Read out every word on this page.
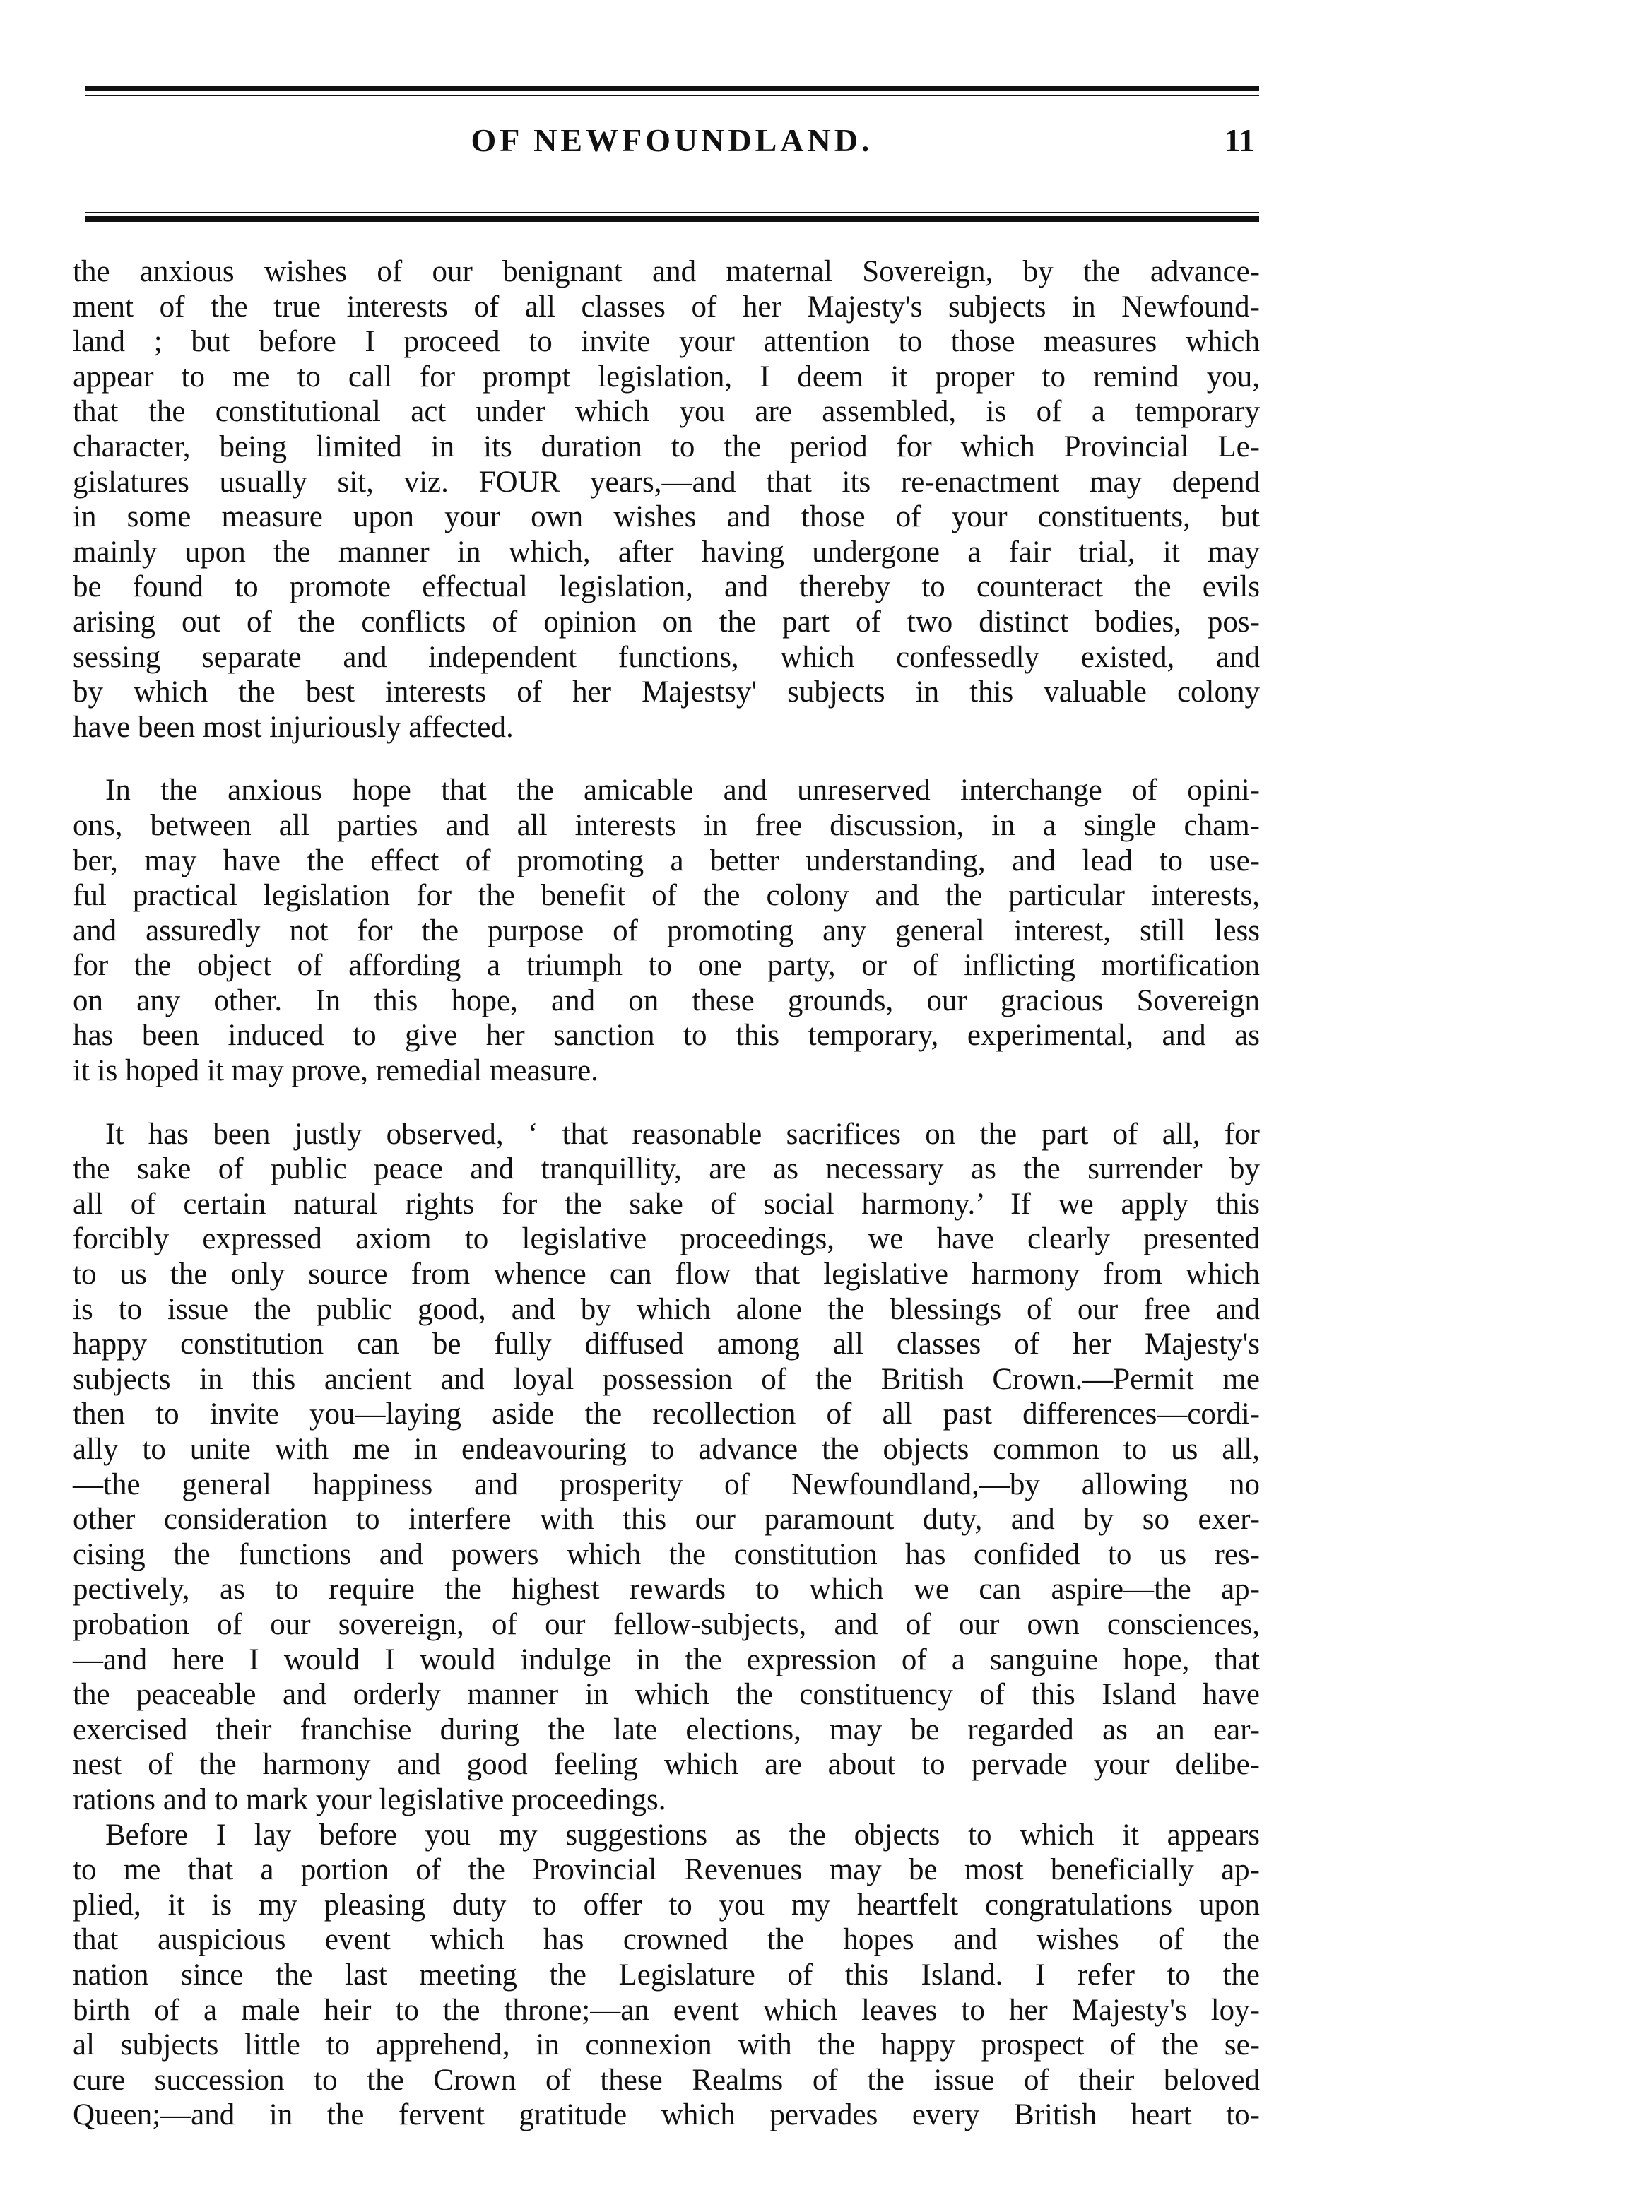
OF NEWFOUNDLAND.	11
the anxious wishes of our benignant and maternal Sovereign, by the advance-
ment of the true interests of all classes of her Majesty's subjects in Newfound-
land ; but before I proceed to invite your attention to those measures which
appear to me to call for prompt legislation, I deem it proper to remind you,
that the constitutional act under which you are assembled, is of a temporary
character, being limited in its duration to the period for which Provincial Le-
gislatures usually sit, viz. FOUR years,—and that its re-enactment may depend
in some measure upon your own wishes and those of your constituents, but
mainly upon the manner in which, after having undergone a fair trial, it may
be found to promote effectual legislation, and thereby to counteract the evils
arising out of the conflicts of opinion on the part of two distinct bodies, pos-
sessing separate and independent functions, which confessedly existed, and
by which the best interests of her Majestsy' subjects in this valuable colony
have been most injuriously affected.
In the anxious hope that the amicable and unreserved interchange of opini-
ons, between all parties and all interests in free discussion, in a single cham-
ber, may have the effect of promoting a better understanding, and lead to use-
ful practical legislation for the benefit of the colony and the particular interests,
and assuredly not for the purpose of promoting any general interest, still less
for the object of affording a triumph to one party, or of inflicting mortification
on any other. In this hope, and on these grounds, our gracious Sovereign
has been induced to give her sanction to this temporary, experimental, and as
it is hoped it may prove, remedial measure.
It has been justly observed, ‘ that reasonable sacrifices on the part of all, for
the sake of public peace and tranquillity, are as necessary as the surrender by
all of certain natural rights for the sake of social harmony.’ If we apply this
forcibly expressed axiom to legislative proceedings, we have clearly presented
to us the only source from whence can flow that legislative harmony from which
is to issue the public good, and by which alone the blessings of our free and
happy constitution can be fully diffused among all classes of her Majesty's
subjects in this ancient and loyal possession of the British Crown.—Permit me
then to invite you—laying aside the recollection of all past differences—cordi-
ally to unite with me in endeavouring to advance the objects common to us all,
—the general happiness and prosperity of Newfoundland,—by allowing no
other consideration to interfere with this our paramount duty, and by so exer-
cising the functions and powers which the constitution has confided to us res-
pectively, as to require the highest rewards to which we can aspire—the ap-
probation of our sovereign, of our fellow-subjects, and of our own consciences,
—and here I would I would indulge in the expression of a sanguine hope, that
the peaceable and orderly manner in which the constituency of this Island have
exercised their franchise during the late elections, may be regarded as an ear-
nest of the harmony and good feeling which are about to pervade your delibe-
rations and to mark your legislative proceedings.
Before I lay before you my suggestions as the objects to which it appears
to me that a portion of the Provincial Revenues may be most beneficially ap-
plied, it is my pleasing duty to offer to you my heartfelt congratulations upon
that auspicious event which has crowned the hopes and wishes of the
nation since the last meeting the Legislature of this Island. I refer to the
birth of a male heir to the throne;—an event which leaves to her Majesty's loy-
al subjects little to apprehend, in connexion with the happy prospect of the se-
cure succession to the Crown of these Realms of the issue of their beloved
Queen;—and in the fervent gratitude which pervades every British heart to-
